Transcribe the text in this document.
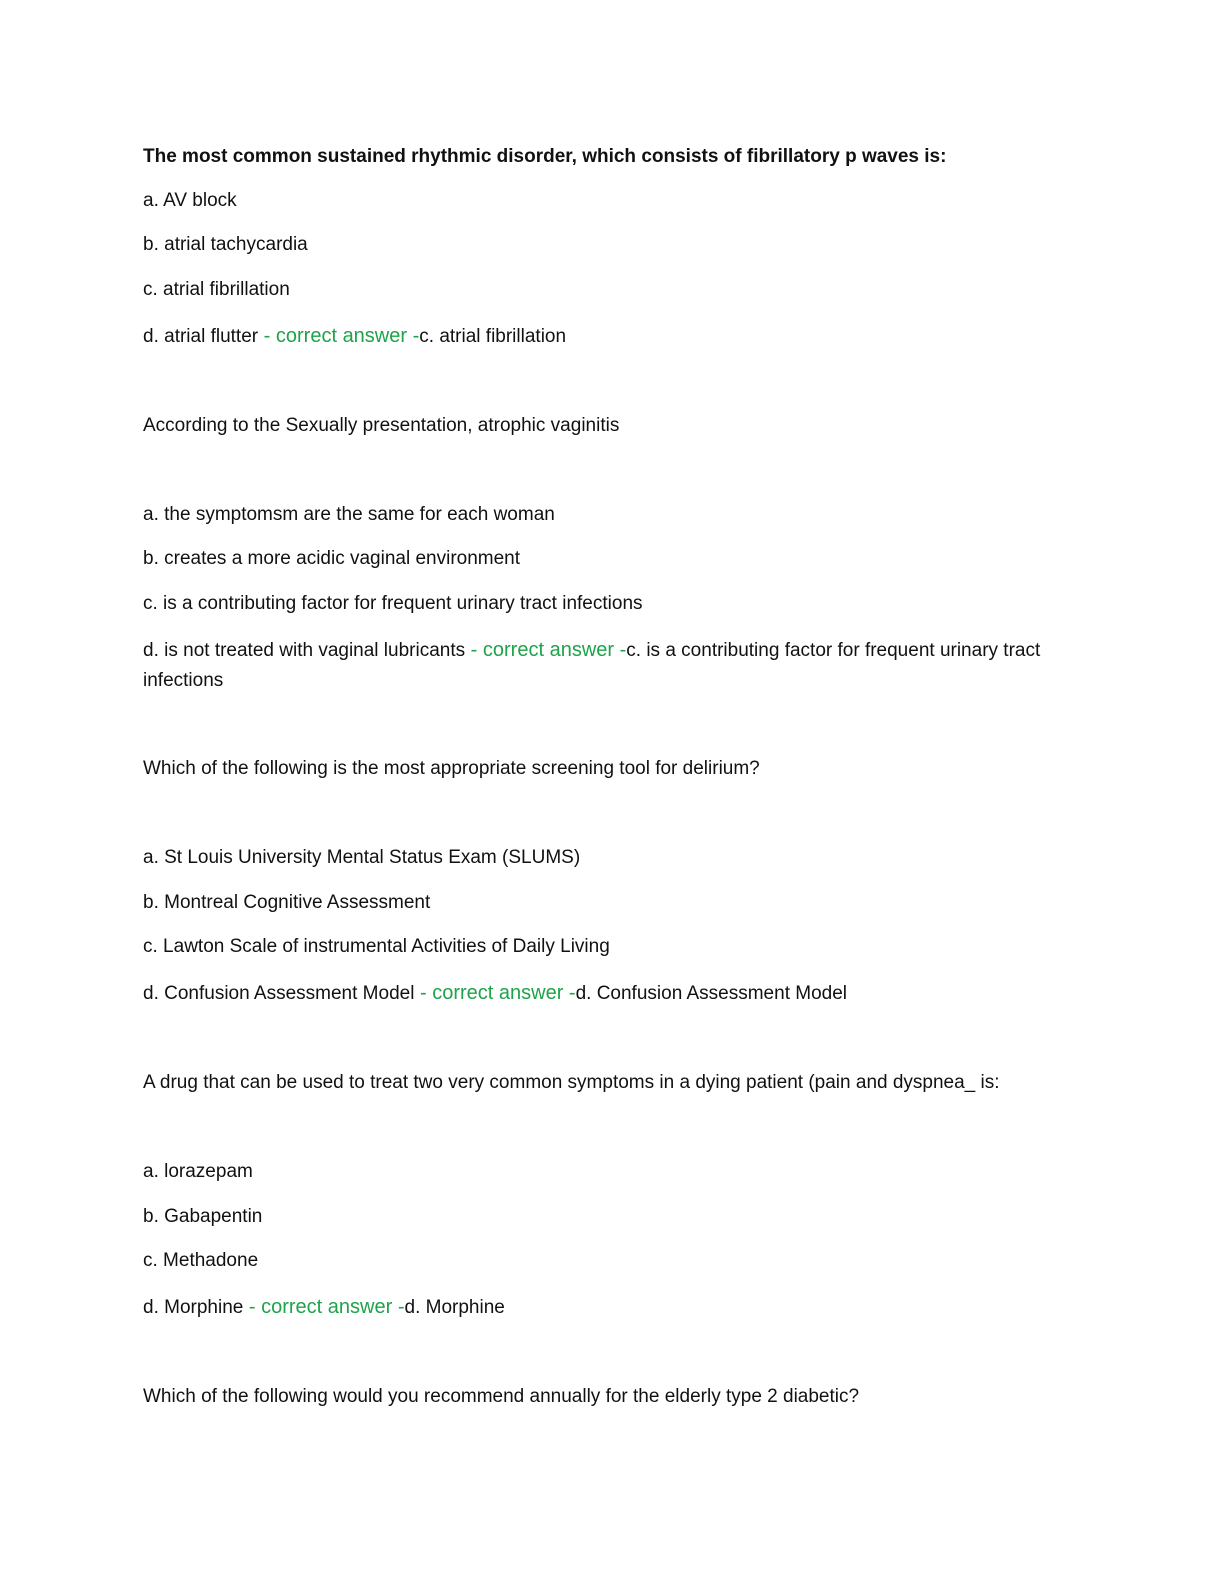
The most common sustained rhythmic disorder, which consists of fibrillatory p waves is:
a. AV block
b. atrial tachycardia
c. atrial fibrillation
d. atrial flutter - correct answer -c. atrial fibrillation
According to the Sexually presentation, atrophic vaginitis
a. the symptomsm are the same for each woman
b. creates a more acidic vaginal environment
c. is a contributing factor for frequent urinary tract infections
d. is not treated with vaginal lubricants - correct answer -c. is a contributing factor for frequent urinary tract infections
Which of the following is the most appropriate screening tool for delirium?
a. St Louis University Mental Status Exam (SLUMS)
b. Montreal Cognitive Assessment
c. Lawton Scale of instrumental Activities of Daily Living
d. Confusion Assessment Model - correct answer -d. Confusion Assessment Model
A drug that can be used to treat two very common symptoms in a dying patient (pain and dyspnea_ is:
a. lorazepam
b. Gabapentin
c. Methadone
d. Morphine - correct answer -d. Morphine
Which of the following would you recommend annually for the elderly type 2 diabetic?
